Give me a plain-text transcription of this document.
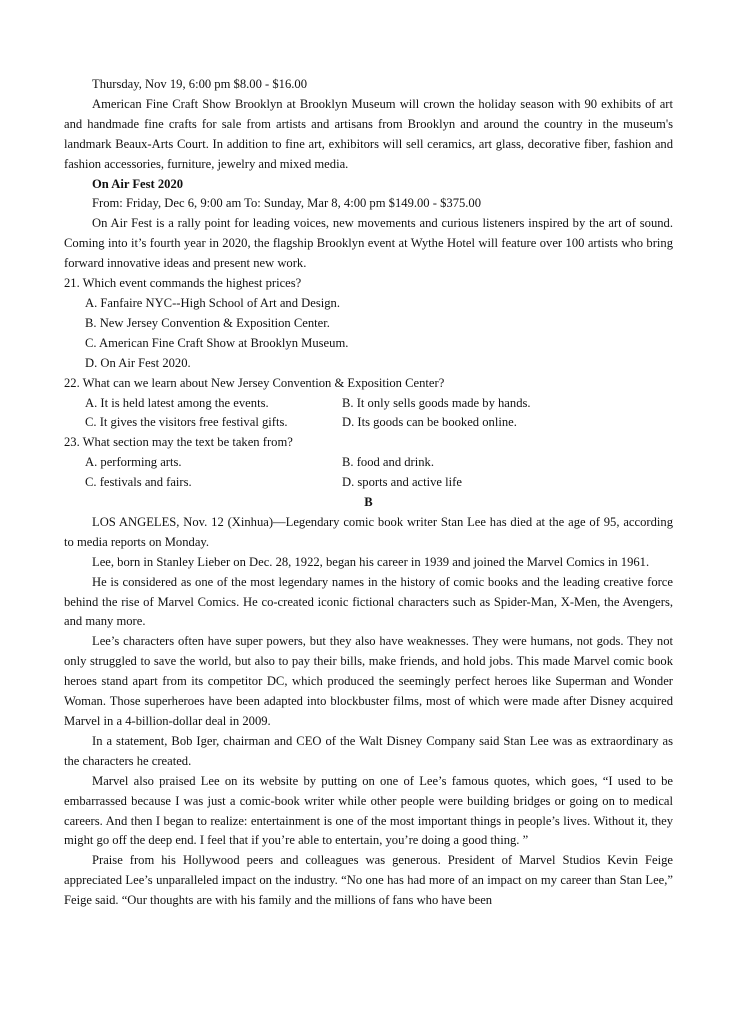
Thursday, Nov 19, 6:00 pm $8.00 - $16.00

American Fine Craft Show Brooklyn at Brooklyn Museum will crown the holiday season with 90 exhibits of art and handmade fine crafts for sale from artists and artisans from Brooklyn and around the country in the museum's landmark Beaux-Arts Court. In addition to fine art, exhibitors will sell ceramics, art glass, decorative fiber, fashion and fashion accessories, furniture, jewelry and mixed media.

On Air Fest 2020

From: Friday, Dec 6, 9:00 am To: Sunday, Mar 8, 4:00 pm $149.00 - $375.00

On Air Fest is a rally point for leading voices, new movements and curious listeners inspired by the art of sound. Coming into it’s fourth year in 2020, the flagship Brooklyn event at Wythe Hotel will feature over 100 artists who bring forward innovative ideas and present new work.

21. Which event commands the highest prices?

A. Fanfaire NYC--High School of Art and Design.

B. New Jersey Convention & Exposition Center.

C. American Fine Craft Show at Brooklyn Museum.

D. On Air Fest 2020.

22. What can we learn about New Jersey Convention & Exposition Center?

A. It is held latest among the events.	B. It only sells goods made by hands.
C. It gives the visitors free festival gifts.	D. Its goods can be booked online.

23. What section may the text be taken from?

A. performing arts.	B. food and drink.
C. festivals and fairs.	D. sports and active life

B

LOS ANGELES, Nov. 12 (Xinhua)—Legendary comic book writer Stan Lee has died at the age of 95, according to media reports on Monday.

Lee, born in Stanley Lieber on Dec. 28, 1922, began his career in 1939 and joined the Marvel Comics in 1961.

He is considered as one of the most legendary names in the history of comic books and the leading creative force behind the rise of Marvel Comics. He co-created iconic fictional characters such as Spider-Man, X-Men, the Avengers, and many more.

Lee’s characters often have super powers, but they also have weaknesses. They were humans, not gods. They not only struggled to save the world, but also to pay their bills, make friends, and hold jobs. This made Marvel comic book heroes stand apart from its competitor DC, which produced the seemingly perfect heroes like Superman and Wonder Woman. Those superheroes have been adapted into blockbuster films, most of which were made after Disney acquired Marvel in a 4-billion-dollar deal in 2009.

In a statement, Bob Iger, chairman and CEO of the Walt Disney Company said Stan Lee was as extraordinary as the characters he created.

Marvel also praised Lee on its website by putting on one of Lee’s famous quotes, which goes, “I used to be embarrassed because I was just a comic-book writer while other people were building bridges or going on to medical careers. And then I began to realize: entertainment is one of the most important things in people’s lives. Without it, they might go off the deep end. I feel that if you’re able to entertain, you’re doing a good thing. ”

Praise from his Hollywood peers and colleagues was generous. President of Marvel Studios Kevin Feige appreciated Lee’s unparalleled impact on the industry. “No one has had more of an impact on my career than Stan Lee,” Feige said. “Our thoughts are with his family and the millions of fans who have been
